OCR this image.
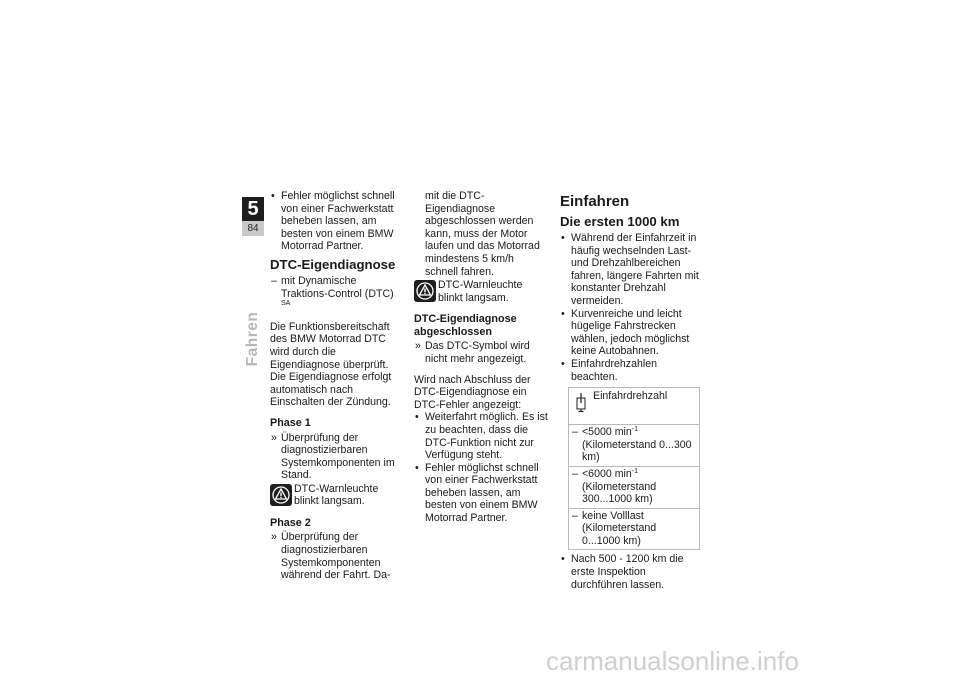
5
84
Fahren
• Fehler möglichst schnell von einer Fachwerkstatt beheben lassen, am besten von einem BMW Motorrad Partner.
DTC-Eigendiagnose
– mit Dynamische Traktions-Control (DTC) $^{SA}$

Die Funktionsbereitschaft des BMW Motorrad DTC wird durch die Eigendiagnose überprüft. Die Eigendiagnose erfolgt automatisch nach Einschalten der Zündung.

Phase 1
» Überprüfung der diagnostizierbaren Systemkomponenten im Stand.
DTC-Warnleuchte blinkt langsam.
Phase 2
» Überprüfung der diagnostizierbaren Systemkomponenten während der Fahrt. Da-

mit die DTC-Eigendiagnose abgeschlossen werden kann, muss der Motor laufen und das Motorrad mindestens 5 km/h schnell fahren.

DTC-Warnleuchte blinkt langsam.
DTC-Eigendiagnose abgeschlossen
» Das DTC-Symbol wird nicht mehr angezeigt.

Wird nach Abschluss der DTC-Eigendiagnose ein DTC-Fehler angezeigt:

• Weiterfahrt möglich. Es ist zu beachten, dass die DTC-Funktion nicht zur Verfügung steht.
• Fehler möglichst schnell von einer Fachwerkstatt beheben lassen, am besten von einem BMW Motorrad Partner.
Einfahren
Die ersten 1000 km
• Während der Einfahrzeit in häufig wechselnden Last- und Drehzahlbereichen fahren, längere Fahrten mit konstanter Drehzahl vermeiden.
• Kurvenreiche und leicht hügelige Fahrstrecken wählen, jedoch möglichst keine Autobahnen.
• Einfahrdrehzahlen beachten.
Einfahrdrehzahl
– <5000 $\min^{-1}$ (Kilometerstand 0...300 km)
– <6000 $\min^{-1}$ (Kilometerstand 300...1000 km)
– keine Volllast (Kilometerstand 0...1000 km)
• Nach 500 - 1200 km die erste Inspektion durchführen lassen.
carmanualsonline.info
